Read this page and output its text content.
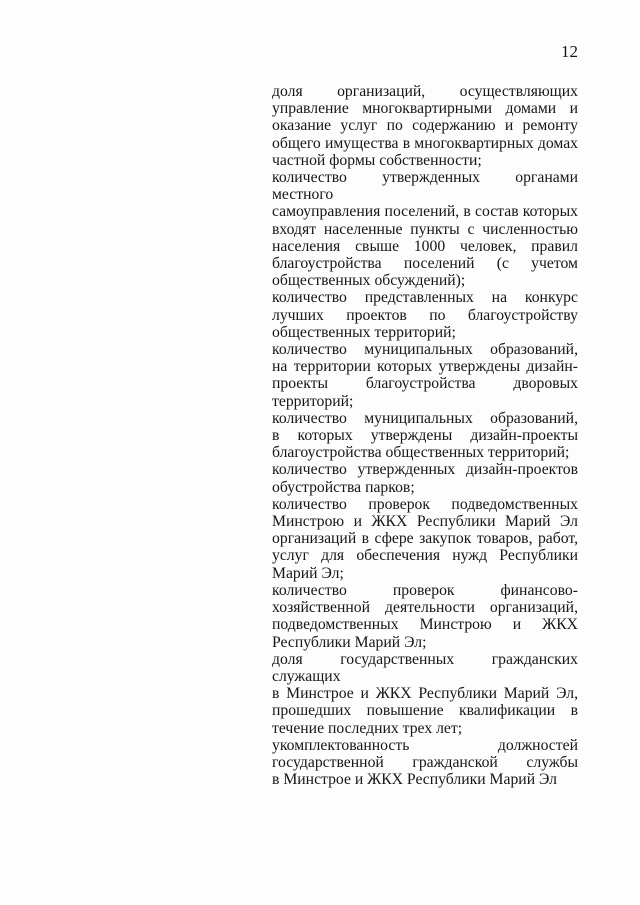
12
доля организаций, осуществляющих
управление многоквартирными домами и
оказание услуг по содержанию и ремонту
общего имущества в многоквартирных домах
частной формы собственности;
количество утвержденных органами местного
самоуправления поселений, в состав которых
входят населенные пункты с численностью
населения свыше 1000 человек, правил
благоустройства поселений (с учетом
общественных обсуждений);
количество представленных на конкурс
лучших проектов по благоустройству
общественных территорий;
количество муниципальных образований,
на территории которых утверждены дизайн-
проекты благоустройства дворовых
территорий;
количество муниципальных образований,
в которых утверждены дизайн-проекты
благоустройства общественных территорий;
количество утвержденных дизайн-проектов
обустройства парков;
количество проверок подведомственных
Минстрою и ЖКХ Республики Марий Эл
организаций в сфере закупок товаров, работ,
услуг для обеспечения нужд Республики
Марий Эл;
количество проверок финансово-
хозяйственной деятельности организаций,
подведомственных Минстрою и ЖКХ
Республики Марий Эл;
доля государственных гражданских служащих
в Минстрое и ЖКХ Республики Марий Эл,
прошедших повышение квалификации в
течение последних трех лет;
укомплектованность должностей
государственной гражданской службы
в Минстрое и ЖКХ Республики Марий Эл
